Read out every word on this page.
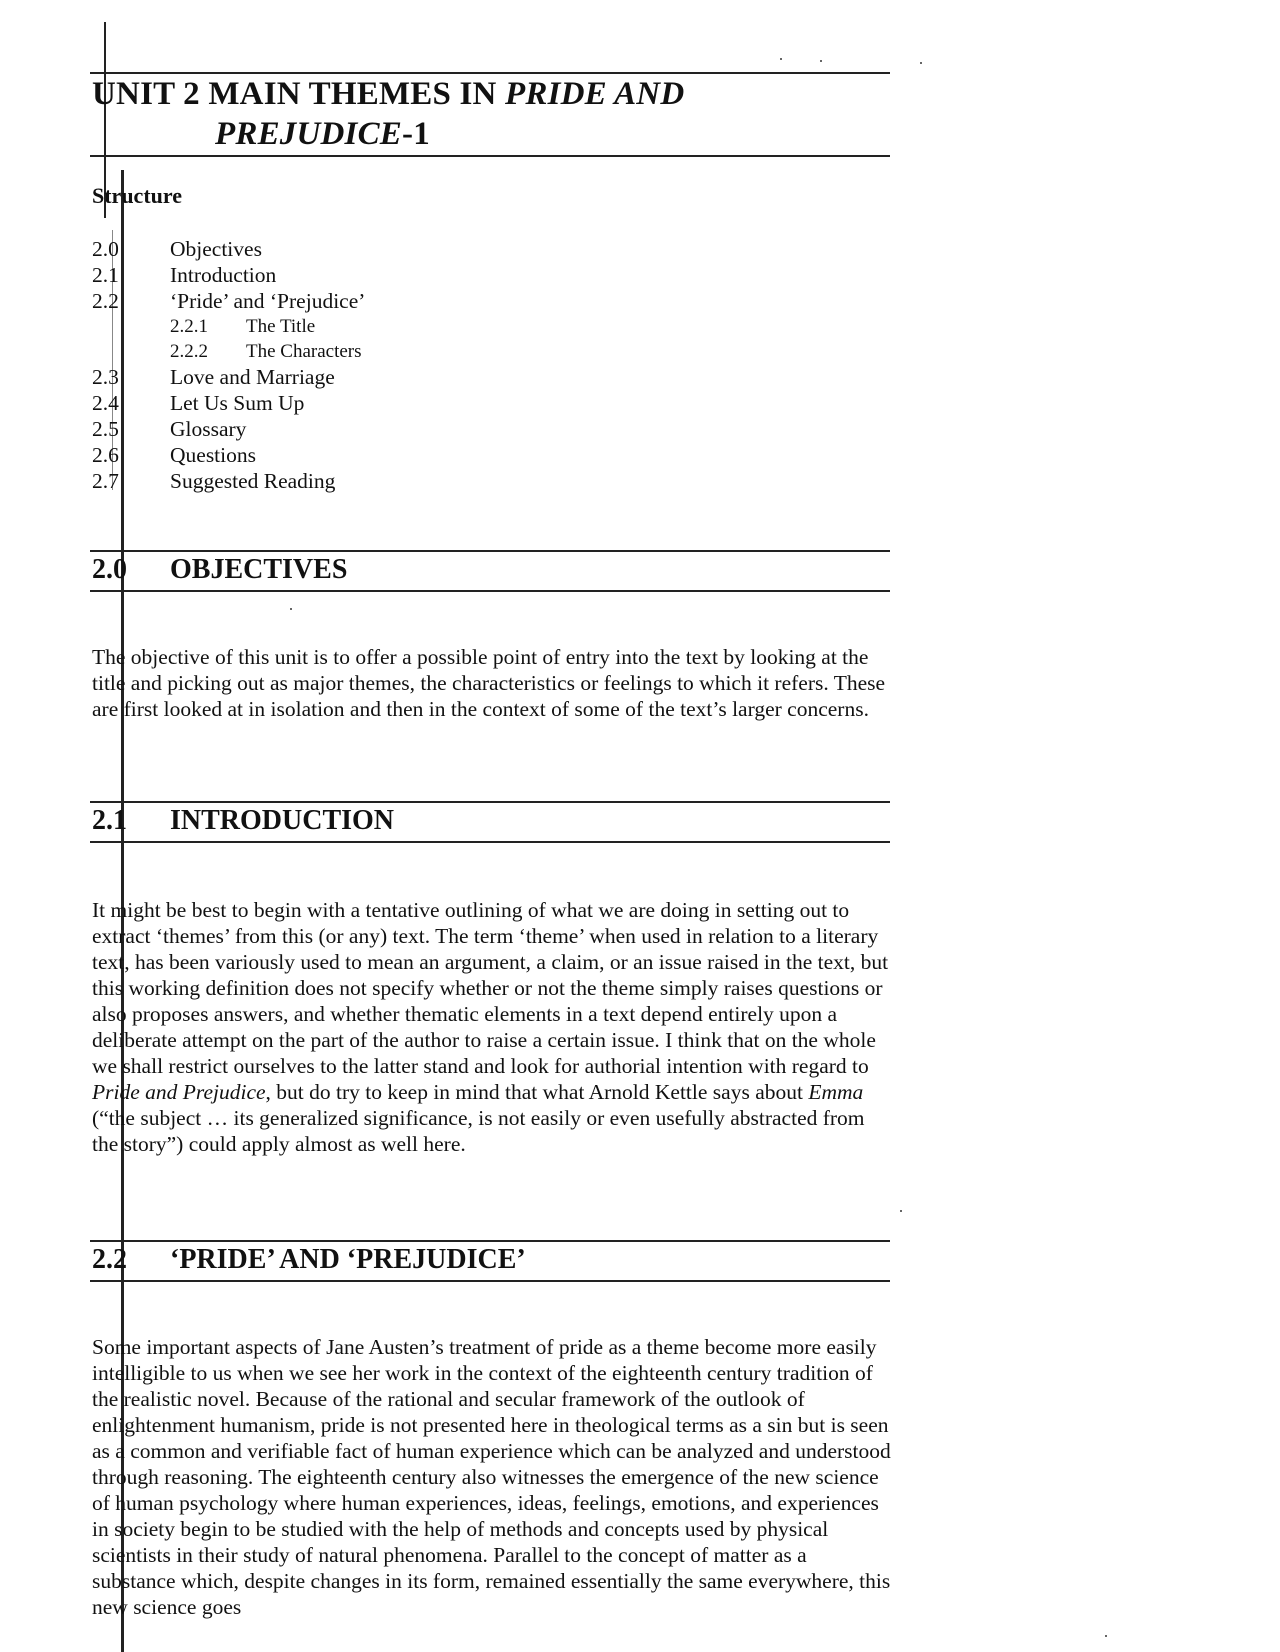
UNIT 2 MAIN THEMES IN PRIDE AND
PREJUDICE-1
Structure
2.0 Objectives
2.1 Introduction
2.2 ‘Pride’ and ‘Prejudice’
2.2.1 The Title
2.2.2 The Characters
2.3 Love and Marriage
2.4 Let Us Sum Up
2.5 Glossary
2.6 Questions
2.7 Suggested Reading
2.0 OBJECTIVES

The objective of this unit is to offer a possible point of entry into the text by looking at the title and picking out as major themes, the characteristics or feelings to which it refers. These are first looked at in isolation and then in the context of some of the text’s larger concerns.

2.1 INTRODUCTION

It might be best to begin with a tentative outlining of what we are doing in setting out to extract ‘themes’ from this (or any) text. The term ‘theme’ when used in relation to a literary text, has been variously used to mean an argument, a claim, or an issue raised in the text, but this working definition does not specify whether or not the theme simply raises questions or also proposes answers, and whether thematic elements in a text depend entirely upon a deliberate attempt on the part of the author to raise a certain issue. I think that on the whole we shall restrict ourselves to the latter stand and look for authorial intention with regard to Pride and Prejudice, but do try to keep in mind that what Arnold Kettle says about Emma (“the subject … its generalized significance, is not easily or even usefully abstracted from the story”) could apply almost as well here.

2.2 ‘PRIDE’ AND ‘PREJUDICE’

Some important aspects of Jane Austen’s treatment of pride as a theme become more easily intelligible to us when we see her work in the context of the eighteenth century tradition of the realistic novel. Because of the rational and secular framework of the outlook of enlightenment humanism, pride is not presented here in theological terms as a sin but is seen as a common and verifiable fact of human experience which can be analyzed and understood through reasoning. The eighteenth century also witnesses the emergence of the new science of human psychology where human experiences, ideas, feelings, emotions, and experiences in society begin to be studied with the help of methods and concepts used by physical scientists in their study of natural phenomena. Parallel to the concept of matter as a substance which, despite changes in its form, remained essentially the same everywhere, this new science goes
